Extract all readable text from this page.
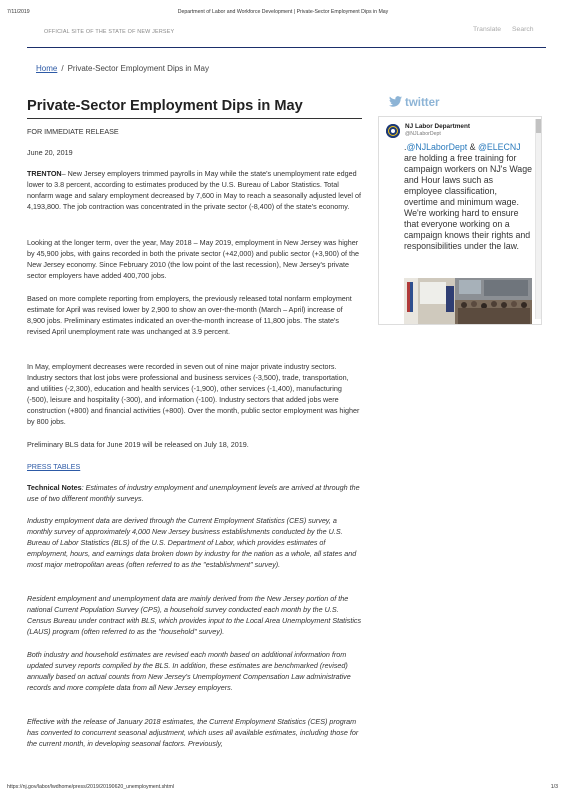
7/11/2019	Department of Labor and Workforce Development | Private-Sector Employment Dips in May
OFFICIAL SITE OF THE STATE OF NEW JERSEY	Translate Search
Home / Private-Sector Employment Dips in May
Private-Sector Employment Dips in May

FOR IMMEDIATE RELEASE

June 20, 2019

TRENTON– New Jersey employers trimmed payrolls in May while the state's unemployment rate edged lower to 3.8 percent, according to estimates produced by the U.S. Bureau of Labor Statistics. Total nonfarm wage and salary employment decreased by 7,600 in May to reach a seasonally adjusted level of 4,193,800. The job contraction was concentrated in the private sector (-8,400) of the state's economy.

Looking at the longer term, over the year, May 2018 – May 2019, employment in New Jersey was higher by 45,900 jobs, with gains recorded in both the private sector (+42,000) and public sector (+3,900) of the New Jersey economy. Since February 2010 (the low point of the last recession), New Jersey's private sector employers have added 400,700 jobs.

Based on more complete reporting from employers, the previously released total nonfarm employment estimate for April was revised lower by 2,900 to show an over-the-month (March – April) increase of 8,900 jobs. Preliminary estimates indicated an over-the-month increase of 11,800 jobs. The state's revised April unemployment rate was unchanged at 3.9 percent.

In May, employment decreases were recorded in seven out of nine major private industry sectors. Industry sectors that lost jobs were professional and business services (-3,500), trade, transportation, and utilities (-2,300), education and health services (-1,900), other services (-1,400), manufacturing (-500), leisure and hospitality (-300), and information (-100). Industry sectors that added jobs were construction (+800) and financial activities (+800). Over the month, public sector employment was higher by 800 jobs.

Preliminary BLS data for June 2019 will be released on July 18, 2019.

PRESS TABLES

Technical Notes: Estimates of industry employment and unemployment levels are arrived at through the use of two different monthly surveys.

Industry employment data are derived through the Current Employment Statistics (CES) survey, a monthly survey of approximately 4,000 New Jersey business establishments conducted by the U.S. Bureau of Labor Statistics (BLS) of the U.S. Department of Labor, which provides estimates of employment, hours, and earnings data broken down by industry for the nation as a whole, all states and most major metropolitan areas (often referred to as the "establishment" survey).

Resident employment and unemployment data are mainly derived from the New Jersey portion of the national Current Population Survey (CPS), a household survey conducted each month by the U.S. Census Bureau under contract with BLS, which provides input to the Local Area Unemployment Statistics (LAUS) program (often referred to as the "household" survey).

Both industry and household estimates are revised each month based on additional information from updated survey reports compiled by the BLS. In addition, these estimates are benchmarked (revised) annually based on actual counts from New Jersey's Unemployment Compensation Law administrative records and more complete data from all New Jersey employers.

Effective with the release of January 2018 estimates, the Current Employment Statistics (CES) program has converted to concurrent seasonal adjustment, which uses all available estimates, including those for the current month, in developing seasonal factors. Previously,

twitter
NJ Labor Department
@NJLaborDept
.@NJLaborDept & @ELECNJ are holding a free training for campaign workers on NJ's Wage and Hour laws such as employee classification, overtime and minimum wage. We're working hard to ensure that everyone working on a campaign knows their rights and responsibilities under the law.
https://nj.gov/labor/lwdhome/press/2019/20190620_unemployment.shtml	1/3
